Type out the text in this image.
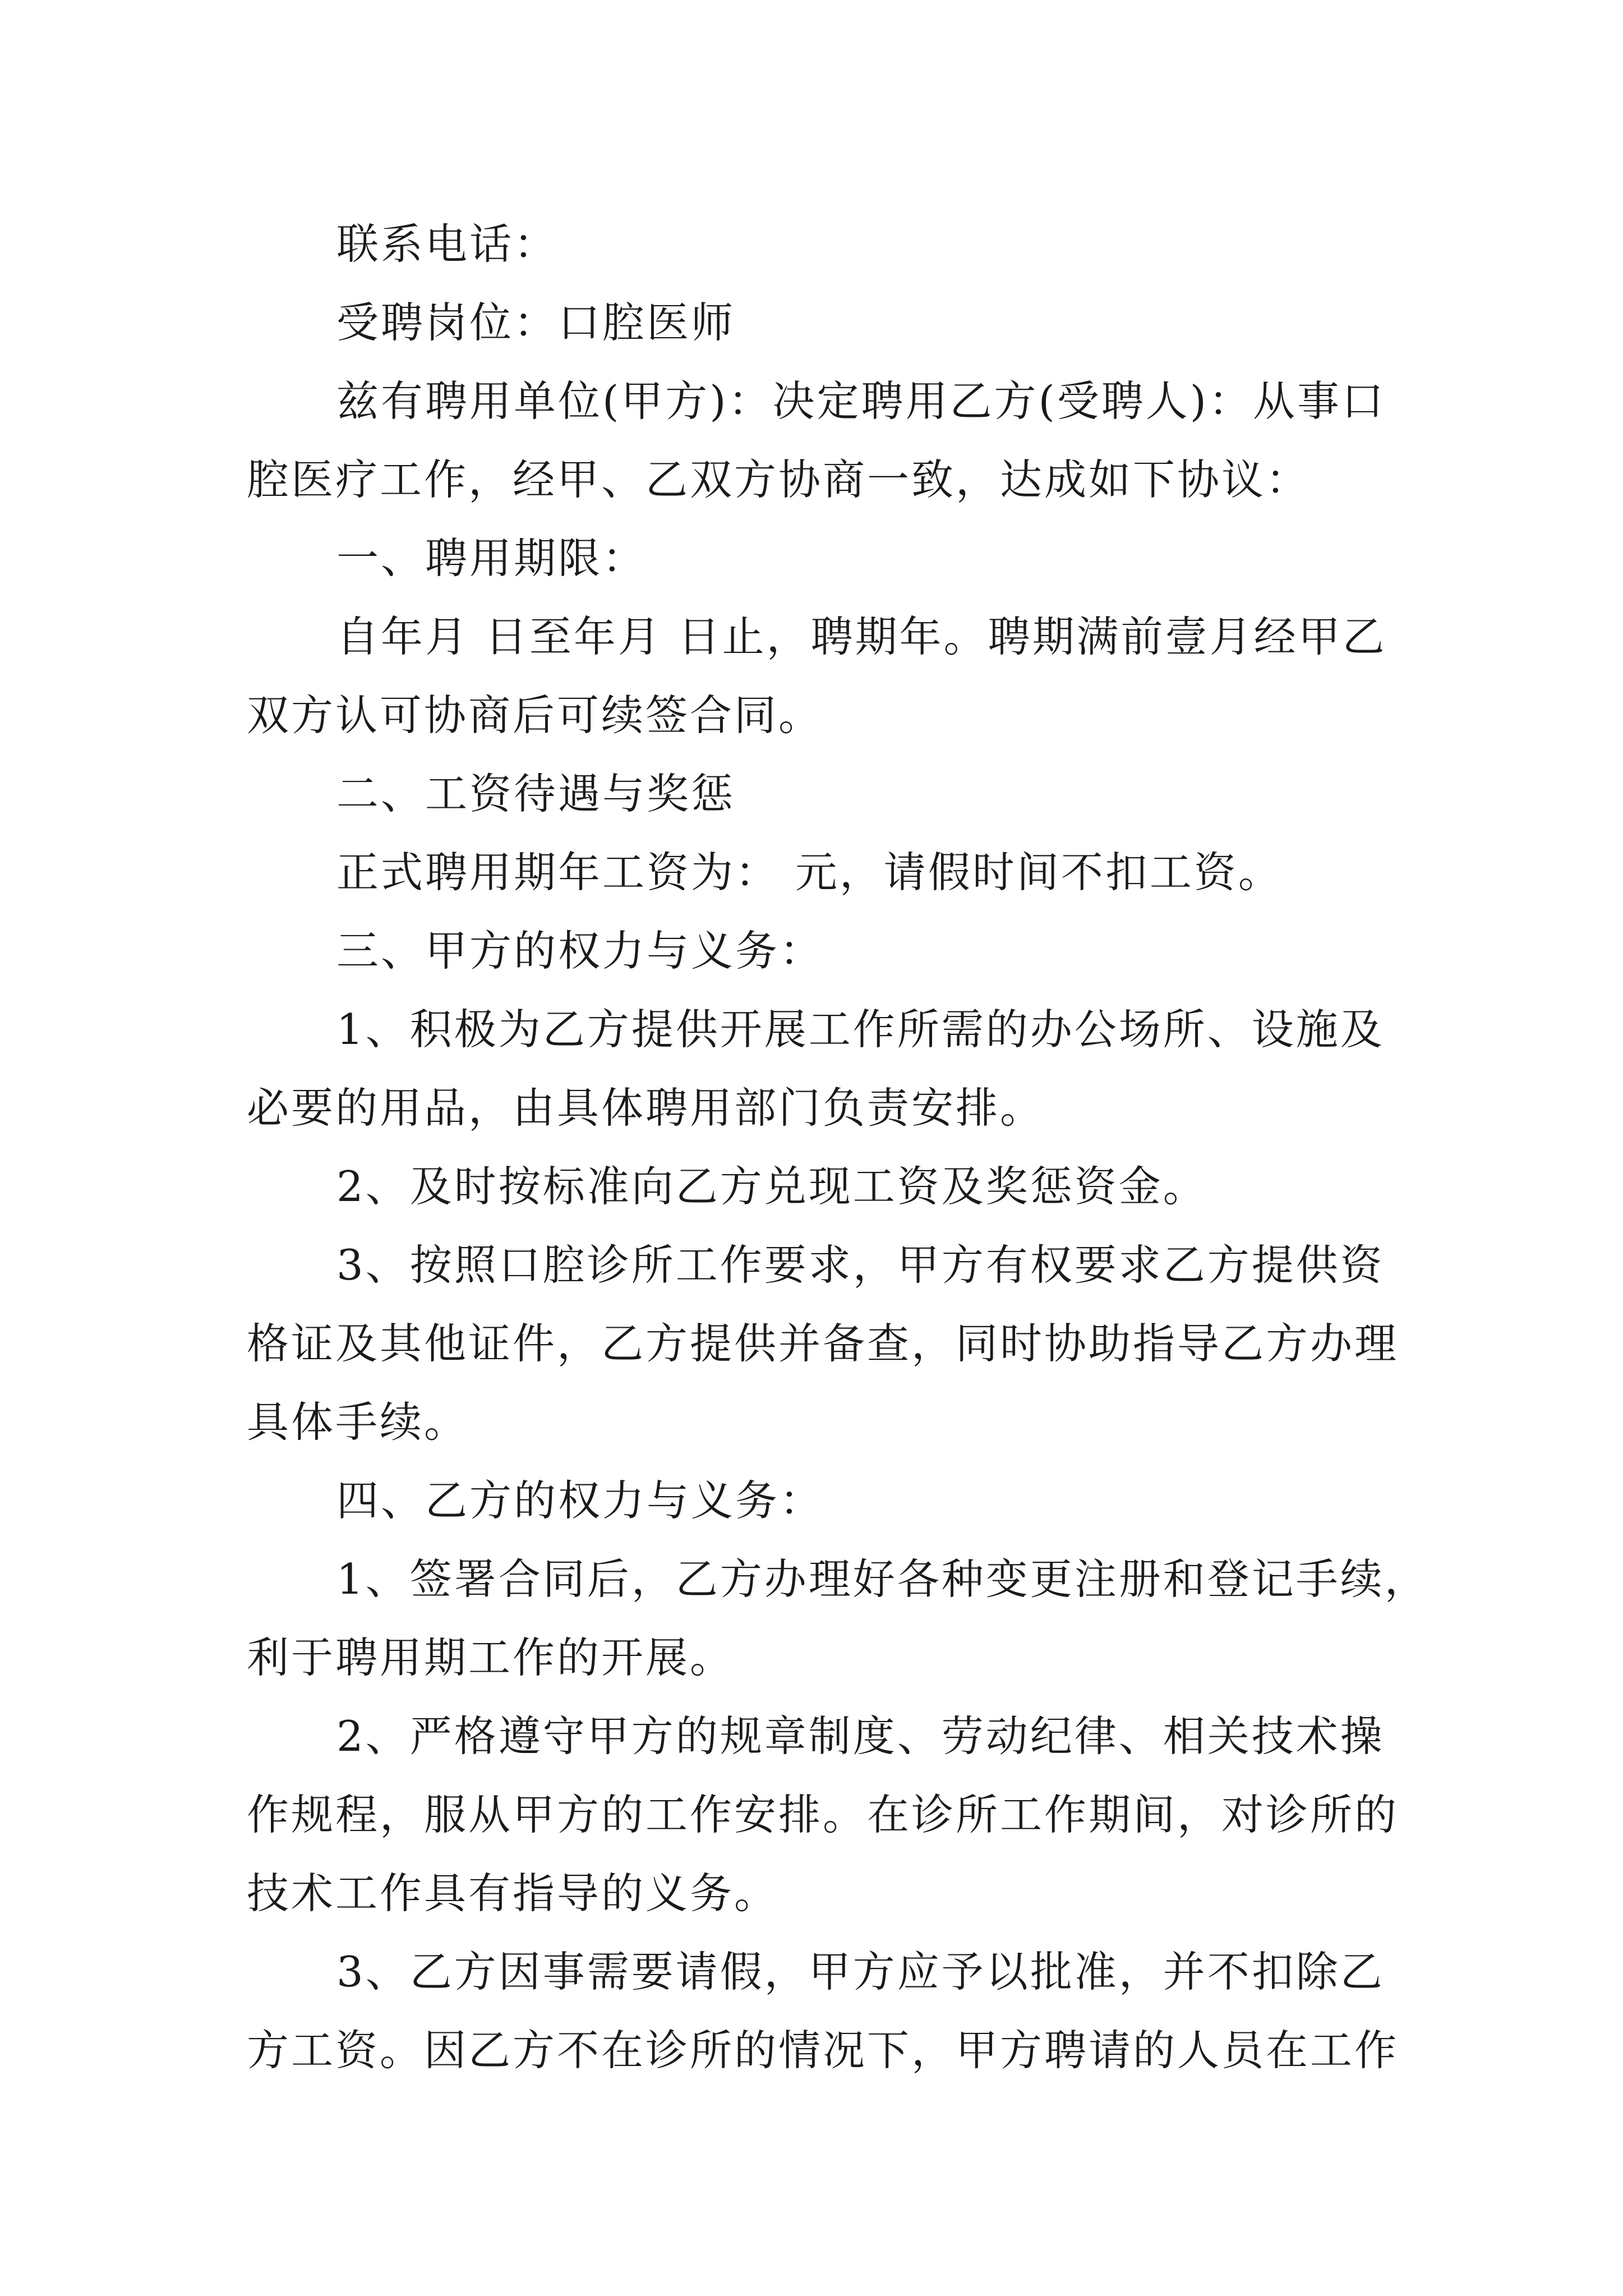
联系电话：
受聘岗位：口腔医师
兹有聘用单位(甲方)：决定聘用乙方(受聘人)：从事口
腔医疗工作，经甲、乙双方协商一致，达成如下协议：
一、聘用期限：
自年月 日至年月 日止，聘期年。聘期满前壹月经甲乙
双方认可协商后可续签合同。
二、工资待遇与奖惩
正式聘用期年工资为： 元，请假时间不扣工资。
三、甲方的权力与义务：
1、积极为乙方提供开展工作所需的办公场所、设施及
必要的用品，由具体聘用部门负责安排。
2、及时按标准向乙方兑现工资及奖惩资金。
3、按照口腔诊所工作要求，甲方有权要求乙方提供资
格证及其他证件，乙方提供并备查，同时协助指导乙方办理
具体手续。
四、乙方的权力与义务：
1、签署合同后，乙方办理好各种变更注册和登记手续，
利于聘用期工作的开展。
2、严格遵守甲方的规章制度、劳动纪律、相关技术操
作规程，服从甲方的工作安排。在诊所工作期间，对诊所的
技术工作具有指导的义务。
3、乙方因事需要请假，甲方应予以批准，并不扣除乙
方工资。因乙方不在诊所的情况下，甲方聘请的人员在工作
